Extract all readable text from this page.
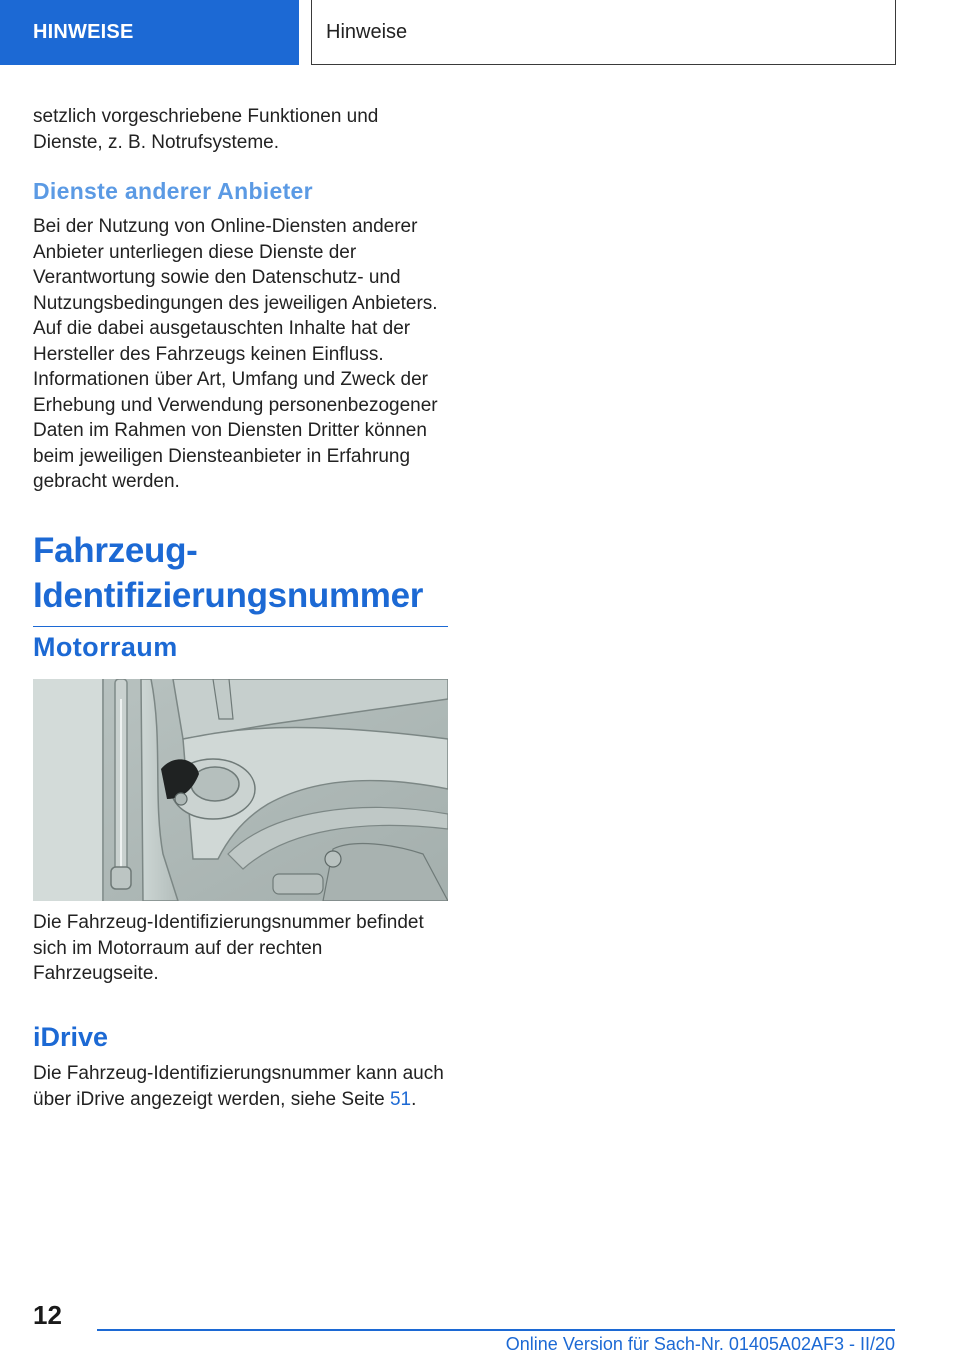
HINWEISE	Hinweise

setzlich vorgeschriebene Funktionen und Dienste, z. B. Notrufsysteme.

Dienste anderer Anbieter

Bei der Nutzung von Online-Diensten anderer Anbieter unterliegen diese Dienste der Verantwortung sowie den Datenschutz- und Nutzungsbedingungen des jeweiligen Anbieters. Auf die dabei ausgetauschten Inhalte hat der Hersteller des Fahrzeugs keinen Einfluss. Informationen über Art, Umfang und Zweck der Erhebung und Verwendung personenbezogener Daten im Rahmen von Diensten Dritter können beim jeweiligen Diensteanbieter in Erfahrung gebracht werden.

Fahrzeug-Identifizierungsnummer
Motorraum

Die Fahrzeug-Identifizierungsnummer befindet sich im Motorraum auf der rechten Fahrzeugseite.

iDrive

Die Fahrzeug-Identifizierungsnummer kann auch über iDrive angezeigt werden, siehe Seite 51.

12
Online Version für Sach-Nr. 01405A02AF3 - II/20
